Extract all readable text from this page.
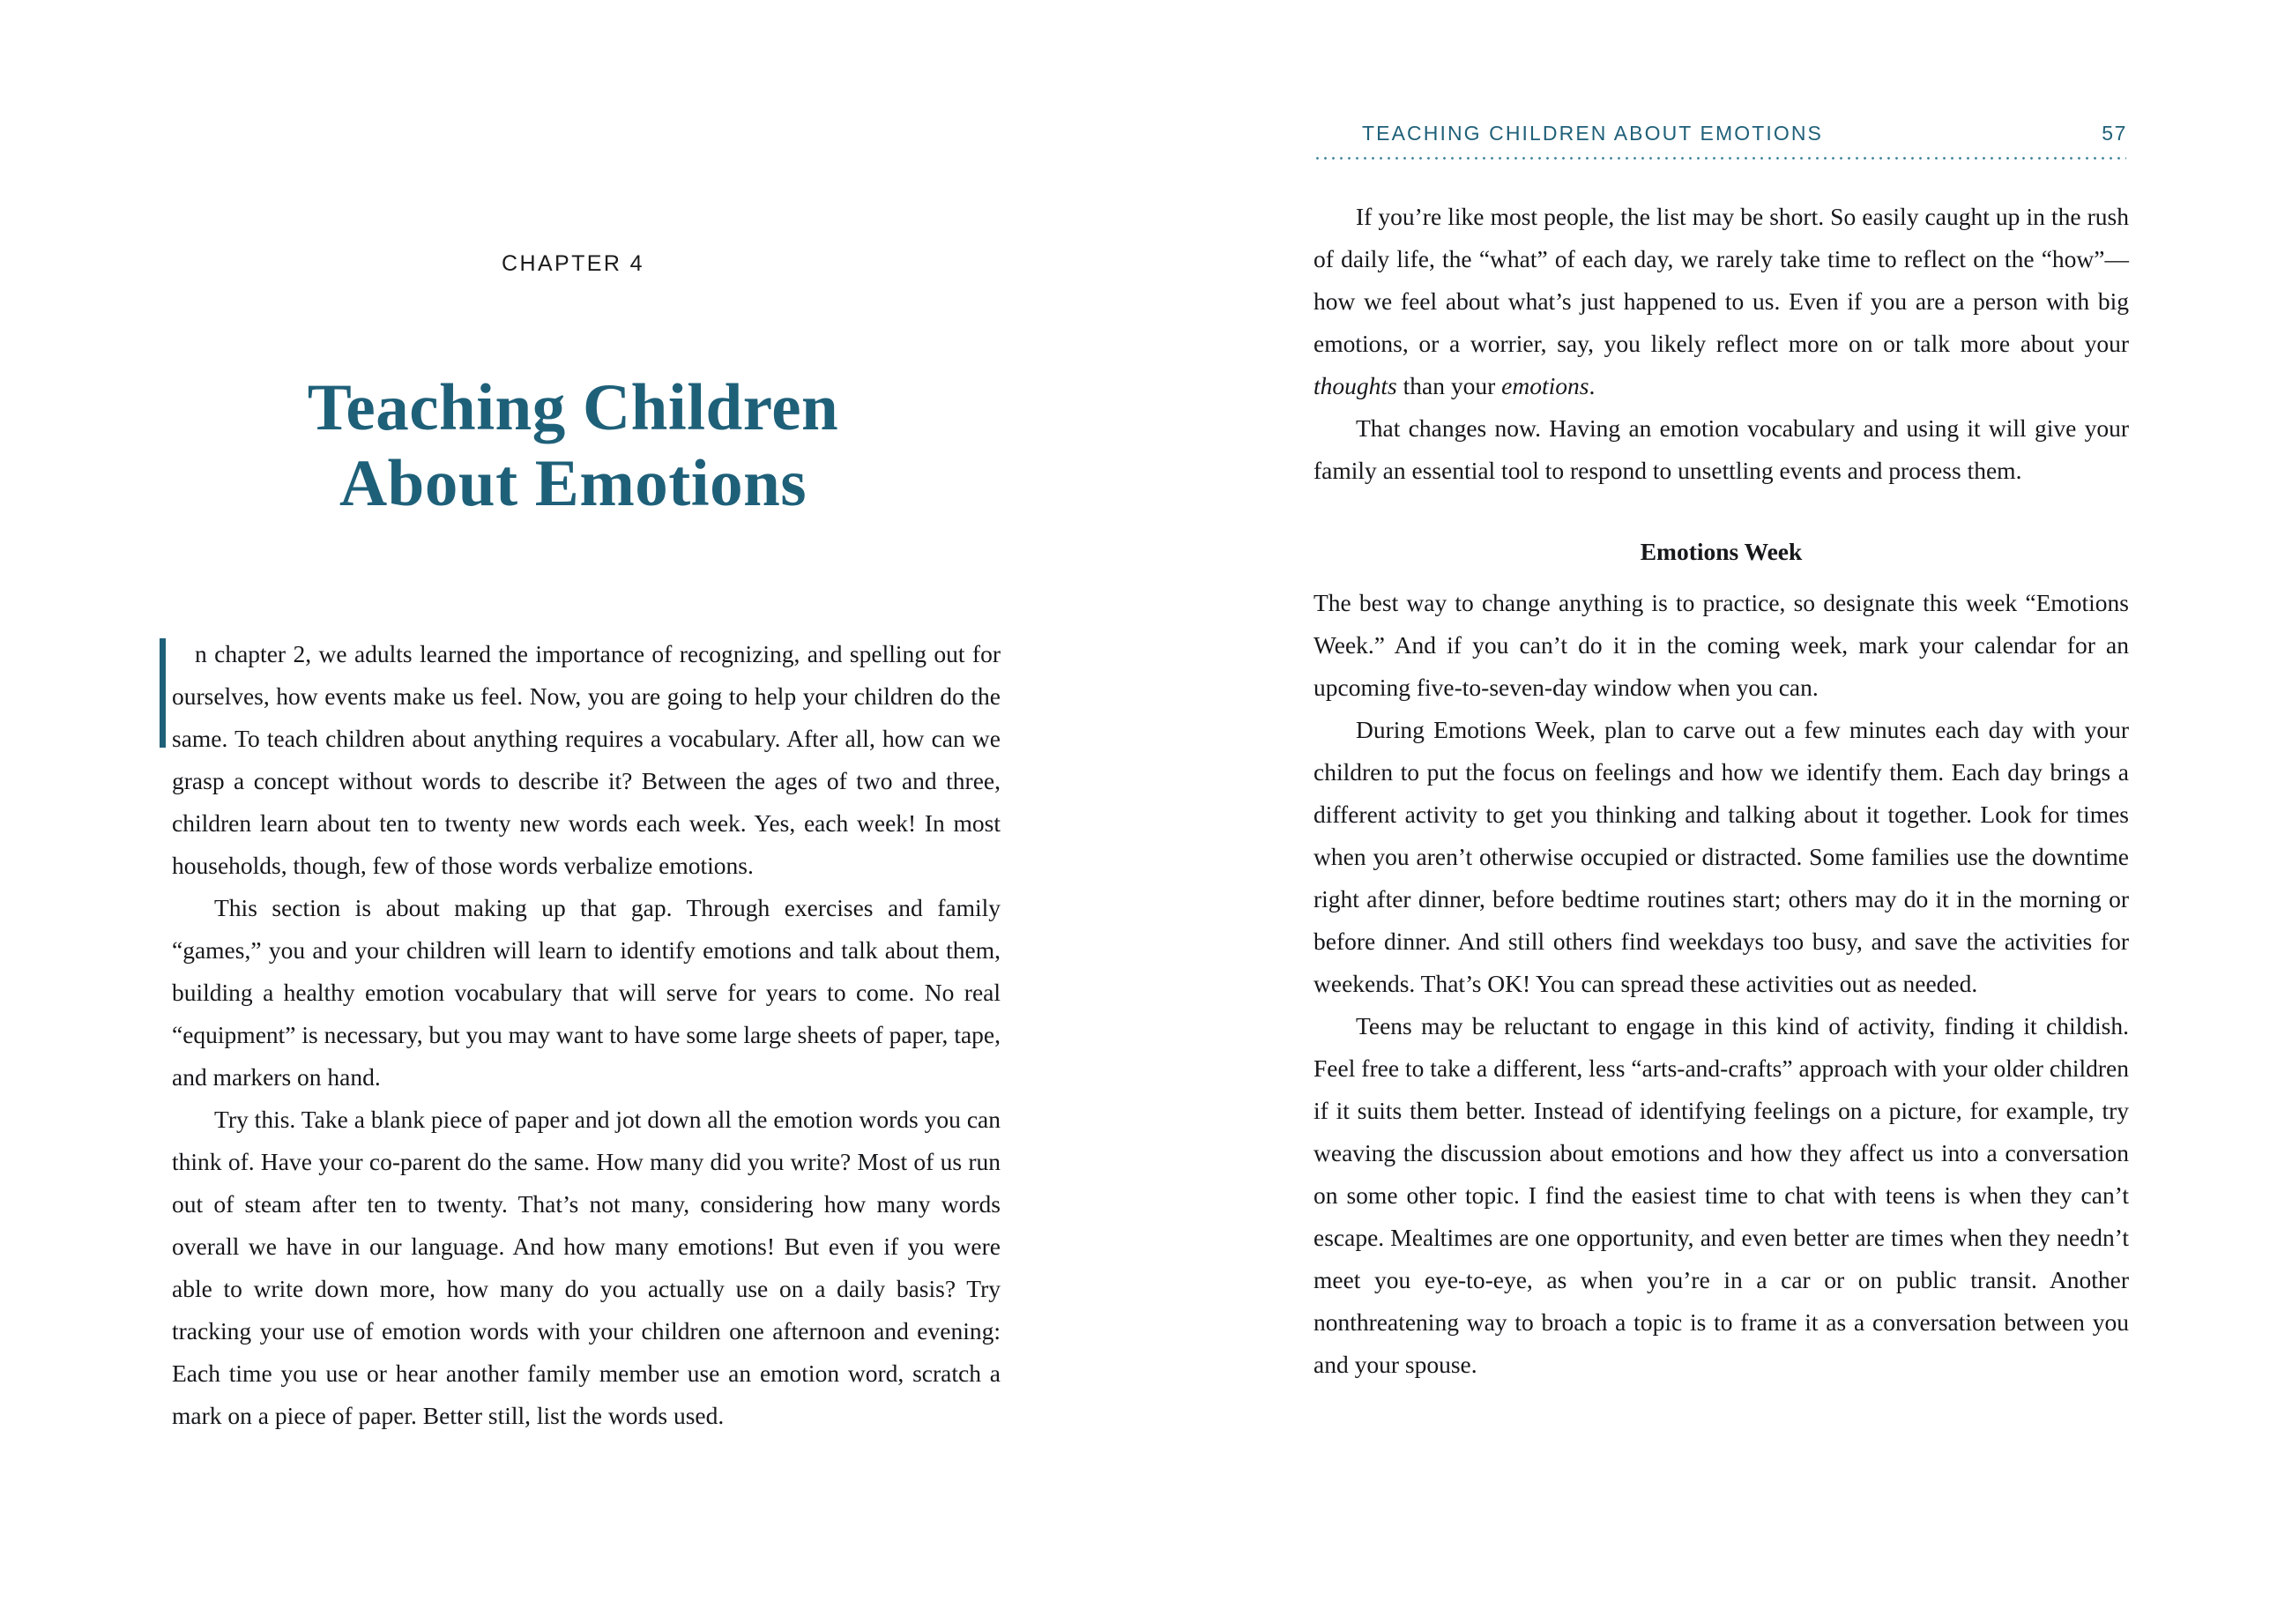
CHAPTER 4
Teaching Children
About Emotions

n chapter 2, we adults learned the importance of recognizing, and spelling out for ourselves, how events make us feel. Now, you are going to help your children do the same. To teach children about anything requires a vocabulary. After all, how can we grasp a concept without words to describe it? Between the ages of two and three, children learn about ten to twenty new words each week. Yes, each week! In most households, though, few of those words verbalize emotions.

This section is about making up that gap. Through exercises and family “games,” you and your children will learn to identify emotions and talk about them, building a healthy emotion vocabulary that will serve for years to come. No real “equipment” is necessary, but you may want to have some large sheets of paper, tape, and markers on hand.

Try this. Take a blank piece of paper and jot down all the emotion words you can think of. Have your co-parent do the same. How many did you write? Most of us run out of steam after ten to twenty. That’s not many, considering how many words overall we have in our language. And how many emotions! But even if you were able to write down more, how many do you actually use on a daily basis? Try tracking your use of emotion words with your children one afternoon and evening: Each time you use or hear another family member use an emotion word, scratch a mark on a piece of paper. Better still, list the words used.

TEACHING CHILDREN ABOUT EMOTIONS	57

If you’re like most people, the list may be short. So easily caught up in the rush of daily life, the “what” of each day, we rarely take time to reflect on the “how”—how we feel about what’s just happened to us. Even if you are a person with big emotions, or a worrier, say, you likely reflect more on or talk more about your thoughts than your emotions.

That changes now. Having an emotion vocabulary and using it will give your family an essential tool to respond to unsettling events and process them.

Emotions Week

The best way to change anything is to practice, so designate this week “Emotions Week.” And if you can’t do it in the coming week, mark your calendar for an upcoming five-to-seven-day window when you can.

During Emotions Week, plan to carve out a few minutes each day with your children to put the focus on feelings and how we identify them. Each day brings a different activity to get you thinking and talking about it together. Look for times when you aren’t otherwise occupied or distracted. Some families use the downtime right after dinner, before bedtime routines start; others may do it in the morning or before dinner. And still others find weekdays too busy, and save the activities for weekends. That’s OK! You can spread these activities out as needed.

Teens may be reluctant to engage in this kind of activity, finding it childish. Feel free to take a different, less “arts-and-crafts” approach with your older children if it suits them better. Instead of identifying feelings on a picture, for example, try weaving the discussion about emotions and how they affect us into a conversation on some other topic. I find the easiest time to chat with teens is when they can’t escape. Mealtimes are one opportunity, and even better are times when they needn’t meet you eye-to-eye, as when you’re in a car or on public transit. Another nonthreatening way to broach a topic is to frame it as a conversation between you and your spouse.
